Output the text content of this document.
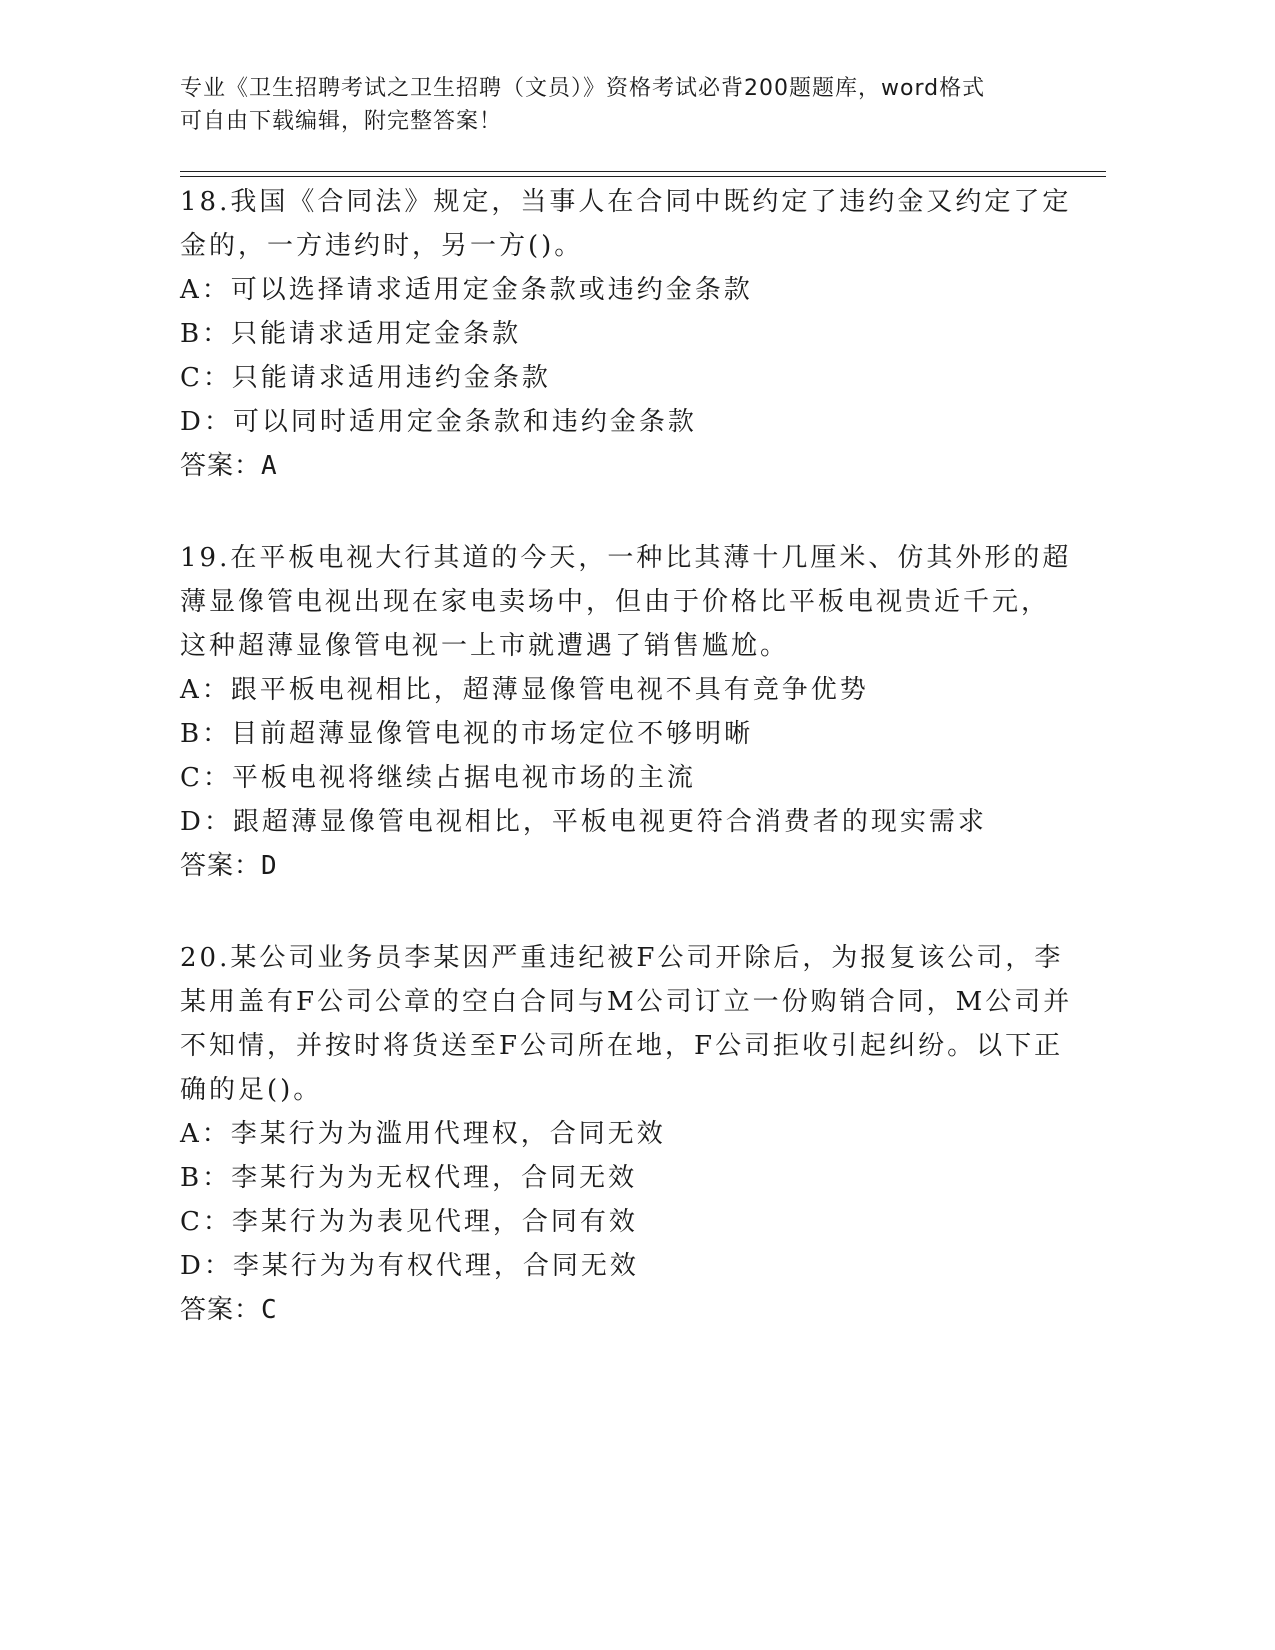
专业《卫生招聘考试之卫生招聘（文员）》资格考试必背200题题库，word格式
可自由下载编辑，附完整答案！
18.我国《合同法》规定，当事人在合同中既约定了违约金又约定了定
金的，一方违约时，另一方()。
A：可以选择请求适用定金条款或违约金条款
B：只能请求适用定金条款
C：只能请求适用违约金条款
D：可以同时适用定金条款和违约金条款
答案：A
19.在平板电视大行其道的今天，一种比其薄十几厘米、仿其外形的超
薄显像管电视出现在家电卖场中，但由于价格比平板电视贵近千元，
这种超薄显像管电视一上市就遭遇了销售尴尬。
A：跟平板电视相比，超薄显像管电视不具有竞争优势
B：目前超薄显像管电视的市场定位不够明晰
C：平板电视将继续占据电视市场的主流
D：跟超薄显像管电视相比，平板电视更符合消费者的现实需求
答案：D
20.某公司业务员李某因严重违纪被F公司开除后，为报复该公司，李
某用盖有F公司公章的空白合同与M公司订立一份购销合同，M公司并
不知情，并按时将货送至F公司所在地，F公司拒收引起纠纷。以下正
确的足()。
A：李某行为为滥用代理权，合同无效
B：李某行为为无权代理，合同无效
C：李某行为为表见代理，合同有效
D：李某行为为有权代理，合同无效
答案：C
